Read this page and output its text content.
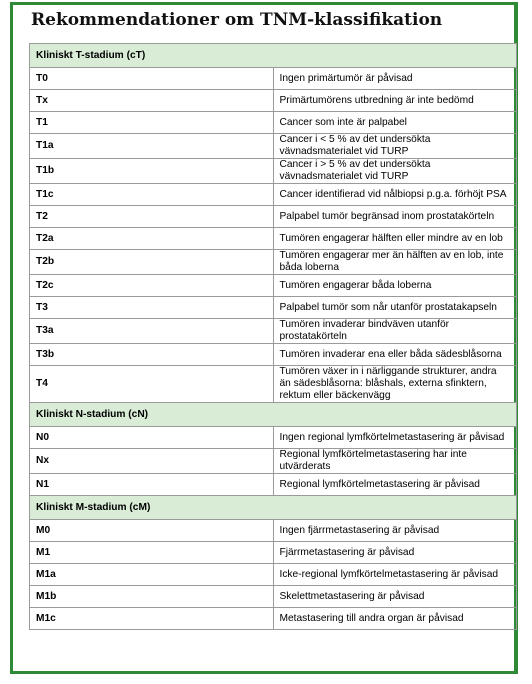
Rekommendationer om TNM-klassifikation
Kliniskt T-stadium (cT)	
T0	Ingen primärtumör är påvisad
Tx	Primärtumörens utbredning är inte bedömd
T1	Cancer som inte är palpabel
T1a	Cancer i < 5 % av det undersökta vävnadsmaterialet vid TURP
T1b	Cancer i > 5 % av det undersökta vävnadsmaterialet vid TURP
T1c	Cancer identifierad vid nålbiopsi p.g.a. förhöjt PSA
T2	Palpabel tumör begränsad inom prostatakörteln
T2a	Tumören engagerar hälften eller mindre av en lob
T2b	Tumören engagerar mer än hälften av en lob, inte båda loberna
T2c	Tumören engagerar båda loberna
T3	Palpabel tumör som når utanför prostatakapseln
T3a	Tumören invaderar bindväven utanför prostatakörteln
T3b	Tumören invaderar ena eller båda sädesblåsorna
T4	Tumören växer in i närliggande strukturer, andra än sädesblåsorna: blåshals, externa sfinktern, rektum eller bäckenvägg
Kliniskt N-stadium (cN)	
N0	Ingen regional lymfkörtelmetastasering är påvisad
Nx	Regional lymfkörtelmetastasering har inte utvärderats
N1	Regional lymfkörtelmetastasering är påvisad
Kliniskt M-stadium (cM)	
M0	Ingen fjärrmetastasering är påvisad
M1	Fjärrmetastasering är påvisad
M1a	Icke-regional lymfkörtelmetastasering är påvisad
M1b	Skelettmetastasering är påvisad
M1c	Metastasering till andra organ är påvisad
